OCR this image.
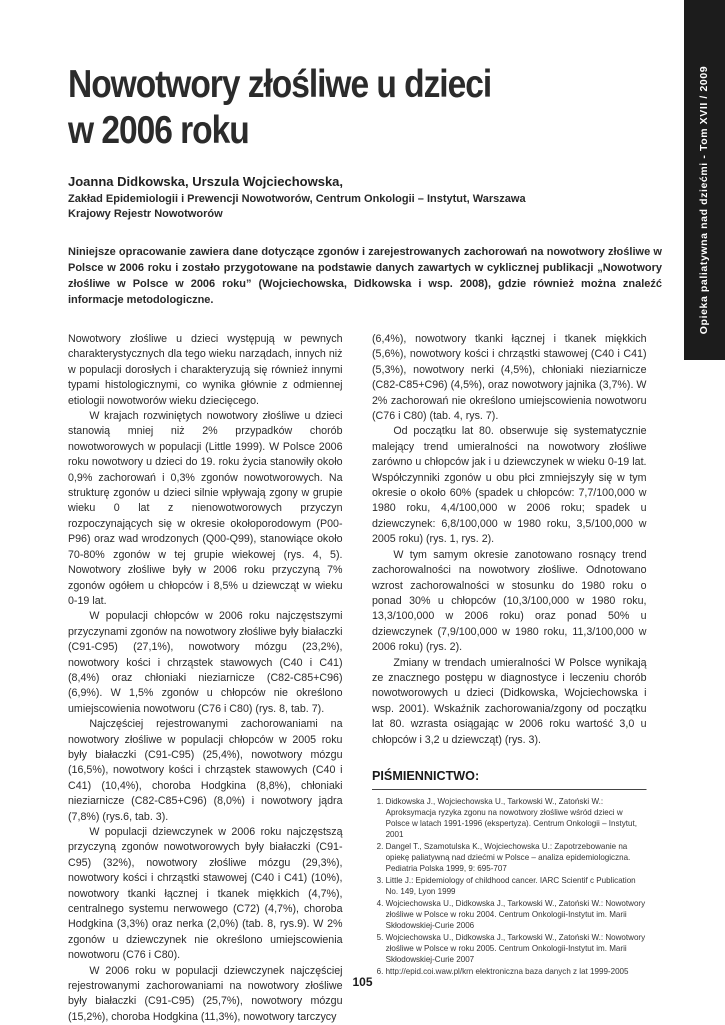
Opieka paliatywna nad dziećmi - Tom XVII / 2009
Nowotwory złośliwe u dzieci
w 2006 roku
Joanna Didkowska, Urszula Wojciechowska,
Zakład Epidemiologii i Prewencji Nowotworów, Centrum Onkologii – Instytut, Warszawa
Krajowy Rejestr Nowotworów

Niniejsze opracowanie zawiera dane dotyczące zgonów i zarejestrowanych zachorowań na nowotwory złośliwe w Polsce w 2006 roku i zostało przygotowane na podstawie danych zawartych w cyklicznej publikacji „Nowotwory złośliwe w Polsce w 2006 roku” (Wojciechowska, Didkowska i wsp. 2008), gdzie również można znaleźć informacje metodologiczne.

Nowotwory złośliwe u dzieci występują w pewnych charakterystycznych dla tego wieku narządach, innych niż w populacji dorosłych i charakteryzują się również innymi typami histologicznymi, co wynika głównie z odmiennej etiologii nowotworów wieku dziecięcego.

W krajach rozwiniętych nowotwory złośliwe u dzieci stanowią mniej niż 2% przypadków chorób nowotworowych w populacji (Little 1999). W Polsce 2006 roku nowotwory u dzieci do 19. roku życia stanowiły około 0,9% zachorowań i 0,3% zgonów nowotworowych. Na strukturę zgonów u dzieci silnie wpływają zgony w grupie wieku 0 lat z nienowotworowych przyczyn rozpoczynających się w okresie okołoporodowym (P00-P96) oraz wad wrodzonych (Q00-Q99), stanowiące około 70-80% zgonów w tej grupie wiekowej (rys. 4, 5). Nowotwory złośliwe były w 2006 roku przyczyną 7% zgonów ogółem u chłopców i 8,5% u dziewcząt w wieku 0-19 lat.

W populacji chłopców w 2006 roku najczęstszymi przyczynami zgonów na nowotwory złośliwe były białaczki (C91-C95) (27,1%), nowotwory mózgu (23,2%), nowotwory kości i chrząstek stawowych (C40 i C41) (8,4%) oraz chłoniaki nieziarnicze (C82-C85+C96) (6,9%). W 1,5% zgonów u chłopców nie określono umiejscowienia nowotworu (C76 i C80) (rys. 8, tab. 7).

Najczęściej rejestrowanymi zachorowaniami na nowotwory złośliwe w populacji chłopców w 2005 roku były białaczki (C91-C95) (25,4%), nowotwory mózgu (16,5%), nowotwory kości i chrząstek stawowych (C40 i C41) (10,4%), choroba Hodgkina (8,8%), chłoniaki nieziarnicze (C82-C85+C96) (8,0%) i nowotwory jądra (7,8%) (rys.6, tab. 3).

W populacji dziewczynek w 2006 roku najczęstszą przyczyną zgonów nowotworowych były białaczki (C91-C95) (32%), nowotwory złośliwe mózgu (29,3%), nowotwory kości i chrząstki stawowej (C40 i C41) (10%), nowotwory tkanki łącznej i tkanek miękkich (4,7%), centralnego systemu nerwowego (C72) (4,7%), choroba Hodgkina (3,3%) oraz nerka (2,0%) (tab. 8, rys.9). W 2% zgonów u dziewczynek nie określono umiejscowienia nowotworu (C76 i C80).

W 2006 roku w populacji dziewczynek najczęściej rejestrowanymi zachorowaniami na nowotwory złośliwe były białaczki (C91-C95) (25,7%), nowotwory mózgu (15,2%), choroba Hodgkina (11,3%), nowotwory tarczycy

(6,4%), nowotwory tkanki łącznej i tkanek miękkich (5,6%), nowotwory kości i chrząstki stawowej (C40 i C41) (5,3%), nowotwory nerki (4,5%), chłoniaki nieziarnicze (C82-C85+C96) (4,5%), oraz nowotwory jajnika (3,7%). W 2% zachorowań nie określono umiejscowienia nowotworu (C76 i C80) (tab. 4, rys. 7).

Od początku lat 80. obserwuje się systematycznie malejący trend umieralności na nowotwory złośliwe zarówno u chłopców jak i u dziewczynek w wieku 0-19 lat. Współczynniki zgonów u obu płci zmniejszyły się w tym okresie o około 60% (spadek u chłopców: 7,7/100,000 w 1980 roku, 4,4/100,000 w 2006 roku; spadek u dziewczynek: 6,8/100,000 w 1980 roku, 3,5/100,000 w 2005 roku) (rys. 1, rys. 2).

W tym samym okresie zanotowano rosnący trend zachorowalności na nowotwory złośliwe. Odnotowano wzrost zachorowalności w stosunku do 1980 roku o ponad 30% u chłopców (10,3/100,000 w 1980 roku, 13,3/100,000 w 2006 roku) oraz ponad 50% u dziewczynek (7,9/100,000 w 1980 roku, 11,3/100,000 w 2006 roku) (rys. 2).

Zmiany w trendach umieralności W Polsce wynikają ze znacznego postępu w diagnostyce i leczeniu chorób nowotworowych u dzieci (Didkowska, Wojciechowska i wsp. 2001). Wskaźnik zachorowania/zgony od początku lat 80. wzrasta osiągając w 2006 roku wartość 3,0 u chłopców i 3,2 u dziewcząt) (rys. 3).

PIŚMIENNICTWO:
1. Didkowska J., Wojciechowska U., Tarkowski W., Zatoński W.: Aproksymacja ryzyka zgonu na nowotwory złośliwe wśród dzieci w Polsce w latach 1991-1996 (ekspertyza). Centrum Onkologii – Instytut, 2001
2. Dangel T., Szamotulska K., Wojciechowska U.: Zapotrzebowanie na opiekę paliatywną nad dziećmi w Polsce – analiza epidemiologiczna. Pediatria Polska 1999, 9: 695-707
3. Little J.: Epidemiology of childhood cancer. IARC Scientif c Publication No. 149, Lyon 1999
4. Wojciechowska U., Didkowska J., Tarkowski W., Zatoński W.: Nowotwory złośliwe w Polsce w roku 2004. Centrum Onkologii-Instytut im. Marii Skłodowskiej-Curie 2006
5. Wojciechowska U., Didkowska J., Tarkowski W., Zatoński W.: Nowotwory złośliwe w Polsce w roku 2005. Centrum Onkologii-Instytut im. Marii Skłodowskiej-Curie 2007
6. http://epid.coi.waw.pl/krn elektroniczna baza danych z lat 1999-2005
105
